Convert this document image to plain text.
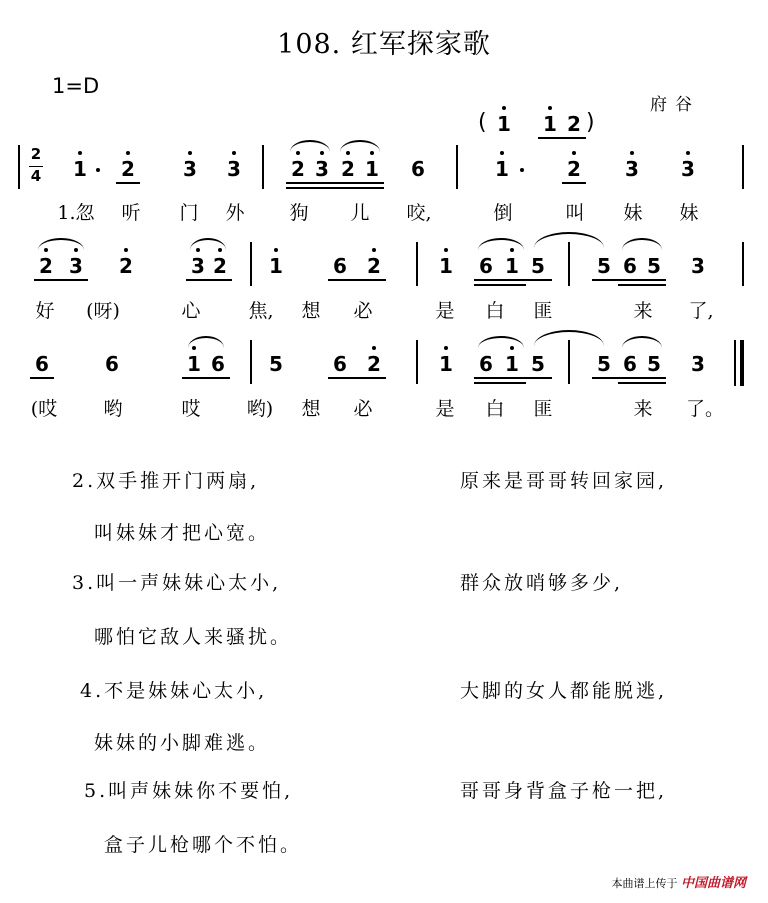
108. 红军探家歌
1=D
府谷
( 1 1 2 )
2
4 1 2 3 3	2 3 2 1 6	1	2 3 3
1.忽 听 门 外 狗 儿 咬,	倒	叫 妹 妹
2 3 2	3 2 1	6 2	1 6 1 5	5 6 5 3
好	(呀)	心	焦, 想 必	是 白 匪	来 了,
6	6	1 6 5	6 2	1 6 1 5	5 6 5 3
(哎	哟	哎	哟)	想 必	是 白 匪	来 了。
2.双手推开门两扇,	原来是哥哥转回家园,
叫妹妹才把心宽。
3.叫一声妹妹心太小,	群众放哨够多少,
哪怕它敌人来骚扰。
4.不是妹妹心太小,	大脚的女人都能脱逃,
妹妹的小脚难逃。
5.叫声妹妹你不要怕,	哥哥身背盒子枪一把,
盒子儿枪哪个不怕。
本曲谱上传于 中国曲谱网
